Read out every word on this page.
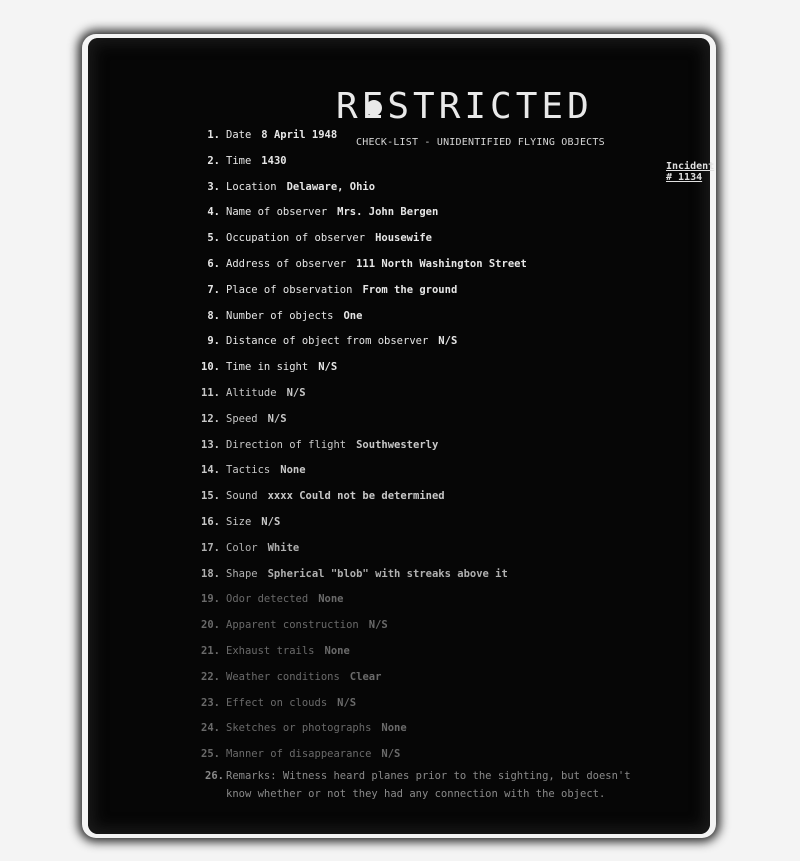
RESTRICTED
CHECK-LIST - UNIDENTIFIED FLYING OBJECTS
Incident # 1134
1. Date 8 April 1948
2. Time 1430
3. Location Delaware, Ohio
4. Name of observer Mrs. John Bergen
5. Occupation of observer Housewife
6. Address of observer 111 North Washington Street
7. Place of observation From the ground
8. Number of objects One
9. Distance of object from observer N/S
10. Time in sight N/S
11. Altitude N/S
12. Speed N/S
13. Direction of flight Southwesterly
14. Tactics None
15. Sound xxxx Could not be determined
16. Size N/S
17. Color White
18. Shape Spherical "blob" with streaks above it
19. Odor detected None
20. Apparent construction N/S
21. Exhaust trails None
22. Weather conditions Clear
23. Effect on clouds N/S
24. Sketches or photographs None
25. Manner of disappearance N/S
26. Remarks: Witness heard planes prior to the sighting, but doesn't know whether or not they had any connection with the object.
